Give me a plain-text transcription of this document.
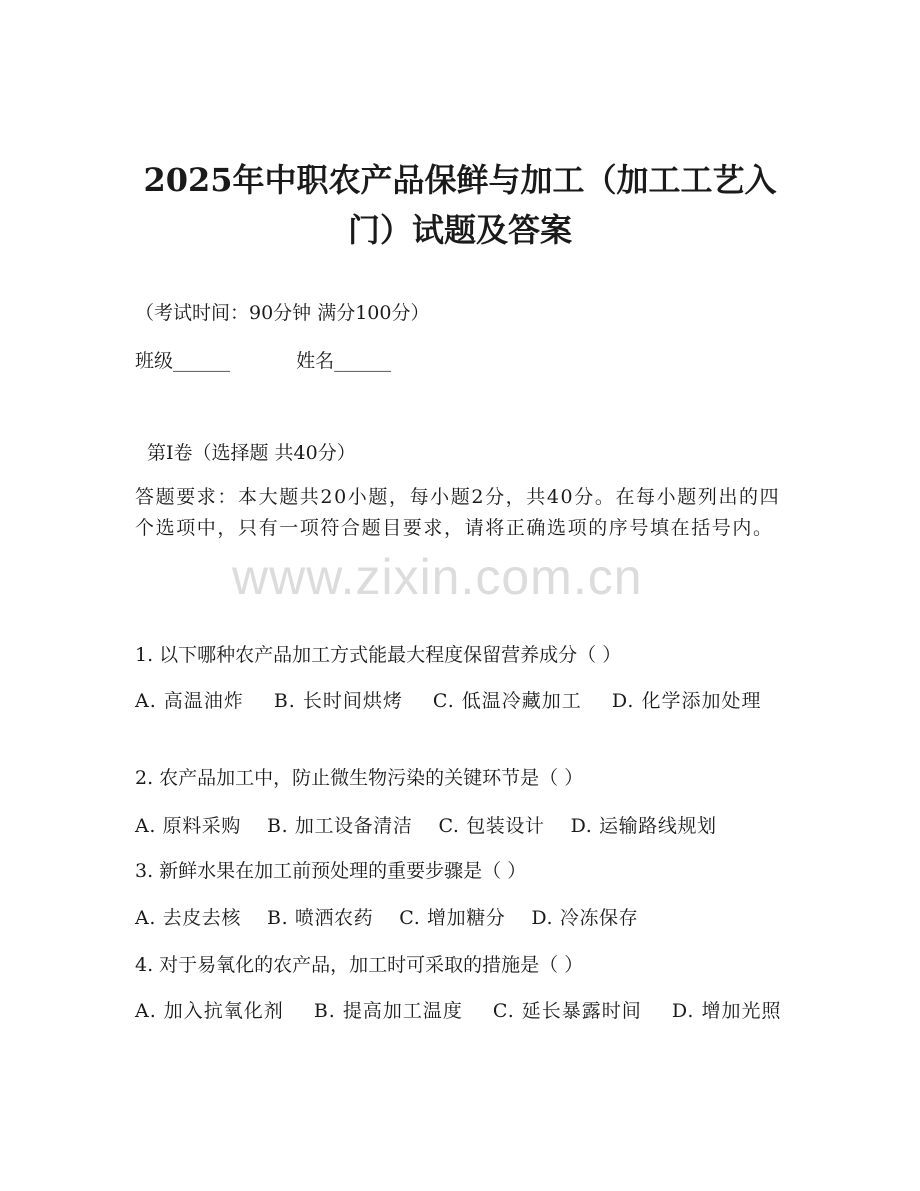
2025年中职农产品保鲜与加工（加工工艺入
门）试题及答案
（考试时间：90分钟 满分100分）
班级______	姓名______
第Ⅰ卷（选择题 共40分）
答题要求：本大题共20小题，每小题2分，共40分。在每小题列出的四个选项中，只有一项符合题目要求，请将正确选项的序号填在括号内。
www.zixin.com.cn
1. 以下哪种农产品加工方式能最大程度保留营养成分（ ）
A. 高温油炸 B. 长时间烘烤 C. 低温冷藏加工 D. 化学添加处理
2. 农产品加工中，防止微生物污染的关键环节是（ ）
A. 原料采购 B. 加工设备清洁 C. 包装设计 D. 运输路线规划
3. 新鲜水果在加工前预处理的重要步骤是（ ）
A. 去皮去核 B. 喷洒农药 C. 增加糖分 D. 冷冻保存
4. 对于易氧化的农产品，加工时可采取的措施是（ ）
A. 加入抗氧化剂 B. 提高加工温度 C. 延长暴露时间 D. 增加光照
